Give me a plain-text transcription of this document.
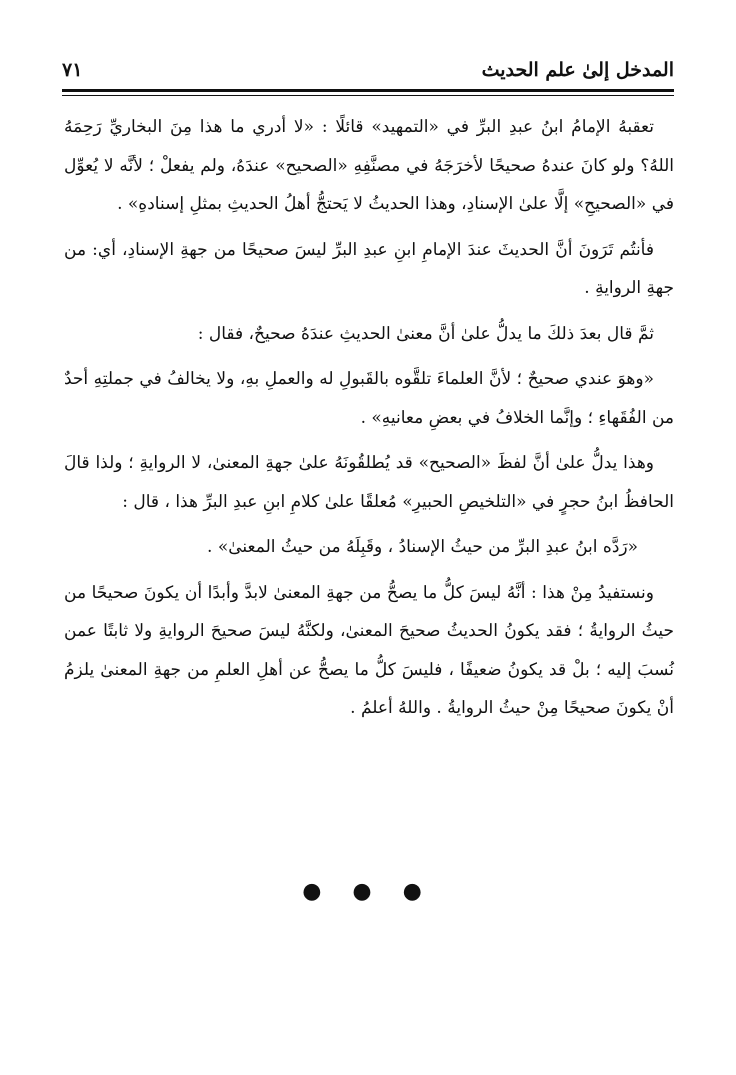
المدخل إلىٰ علم الحديث
٧١

تعقبهُ الإمامُ ابنُ عبدِ البرِّ في «التمهيد» قائلًا : «لا أدري ما هذا مِنَ البخاريِّ رَحِمَهُ اللهُ؟ ولو كانَ عندهُ صحيحًا لأخرَجَهُ في مصنَّفِهِ «الصحيح» عندَهُ، ولم يفعلْ ؛ لأنَّه لا يُعوِّل في «الصحيحِ» إلَّا علىٰ الإسنادِ، وهذا الحديثُ لا يَحتجُّ أهلُ الحديثِ بمثلِ إسنادهِ» .

فأنتُم تَرَونَ أنَّ الحديثَ عندَ الإمامِ ابنِ عبدِ البرِّ ليسَ صحيحًا من جهةِ الإسنادِ، أي: من جهةِ الروايةِ .

ثمَّ قال بعدَ ذلكَ ما يدلُّ علىٰ أنَّ معنىٰ الحديثِ عندَهُ صحيحٌ، فقال :

«وهوَ عندي صحيحٌ ؛ لأنَّ العلماءَ تلقَّوه بالقَبولِ له والعملِ بهِ، ولا يخالفُ في جملتِهِ أحدٌ من الفُقَهاءِ ؛ وإنَّما الخلافُ في بعضِ معانيهِ» .

وهذا يدلُّ علىٰ أنَّ لفظَ «الصحيح» قد يُطلقُونَهُ علىٰ جهةِ المعنىٰ، لا الروايةِ ؛ ولذا قالَ الحافظُ ابنُ حجرٍ في «التلخيصِ الحبيرِ» مُعلقًا علىٰ كلامِ ابنِ عبدِ البرِّ هذا ، قال :

«رَدَّه ابنُ عبدِ البرِّ من حيثُ الإسنادُ ، وقَبِلَهُ من حيثُ المعنىٰ» .

ونستفيدُ مِنْ هذا : أنَّهُ ليسَ كلُّ ما يصحُّ من جهةِ المعنىٰ لابدَّ وأبدًا أن يكونَ صحيحًا من حيثُ الروايةُ ؛ فقد يكونُ الحديثُ صحيحَ المعنىٰ، ولكنَّهُ ليسَ صحيحَ الروايةِ ولا ثابتًا عمن نُسبَ إليه ؛ بلْ قد يكونُ ضعيفًا ، فليسَ كلُّ ما يصحُّ عن أهلِ العلمِ من جهةِ المعنىٰ يلزمُ أنْ يكونَ صحيحًا مِنْ حيثُ الروايةُ . واللهُ أعلمُ .

● ● ●
